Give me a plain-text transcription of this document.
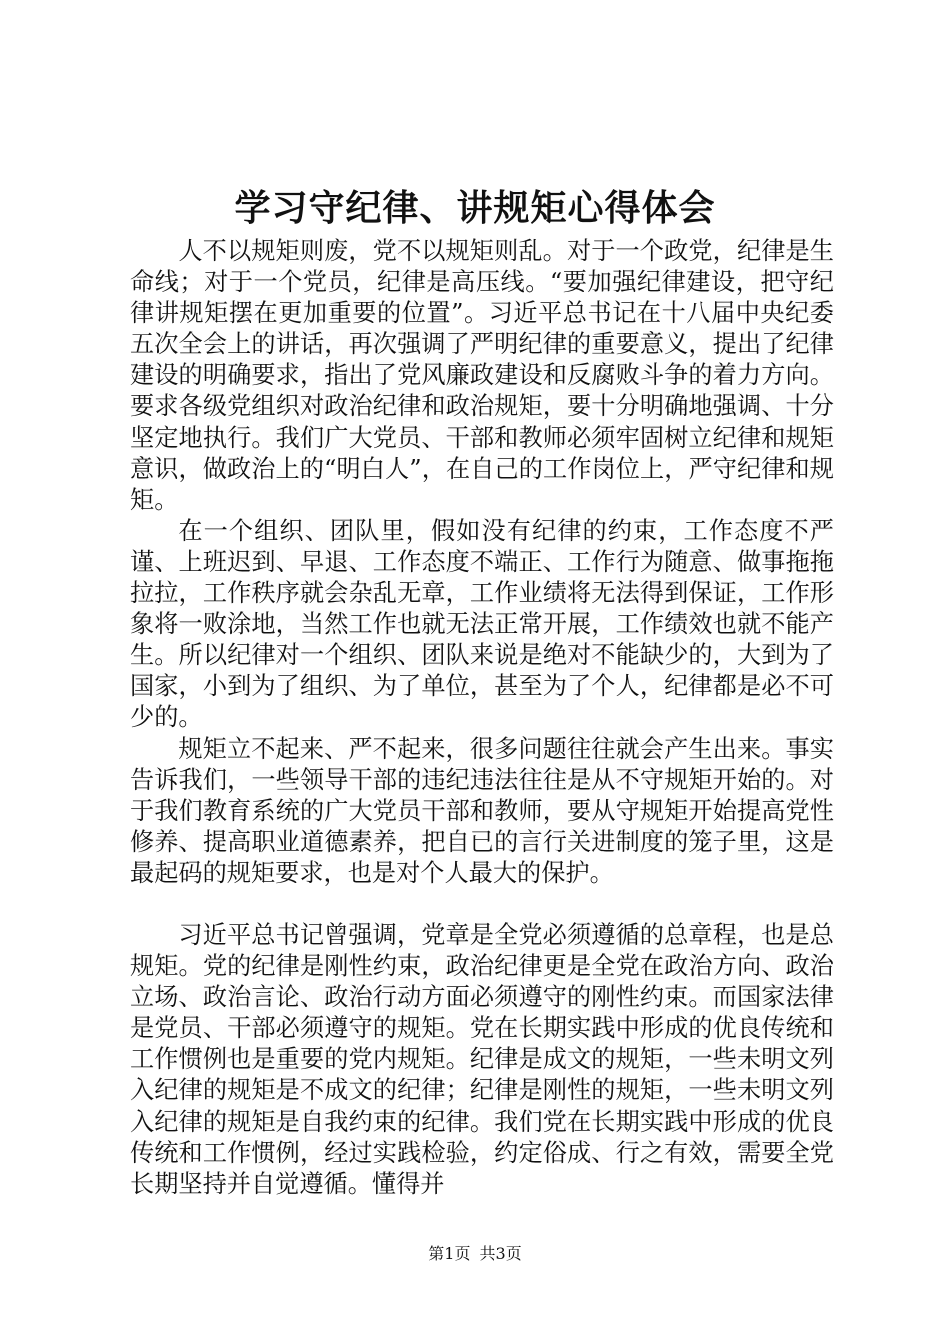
学习守纪律、讲规矩心得体会

人不以规矩则废，党不以规矩则乱。对于一个政党，纪律是生命线；对于一个党员，纪律是高压线。“要加强纪律建设，把守纪律讲规矩摆在更加重要的位置”。习近平总书记在十八届中央纪委五次全会上的讲话，再次强调了严明纪律的重要意义，提出了纪律建设的明确要求，指出了党风廉政建设和反腐败斗争的着力方向。要求各级党组织对政治纪律和政治规矩，要十分明确地强调、十分坚定地执行。我们广大党员、干部和教师必须牢固树立纪律和规矩意识，做政治上的“明白人”，在自己的工作岗位上，严守纪律和规矩。

在一个组织、团队里，假如没有纪律的约束，工作态度不严谨、上班迟到、早退、工作态度不端正、工作行为随意、做事拖拖拉拉，工作秩序就会杂乱无章，工作业绩将无法得到保证，工作形象将一败涂地，当然工作也就无法正常开展，工作绩效也就不能产生。所以纪律对一个组织、团队来说是绝对不能缺少的，大到为了国家，小到为了组织、为了单位，甚至为了个人，纪律都是必不可少的。

规矩立不起来、严不起来，很多问题往往就会产生出来。事实告诉我们，一些领导干部的违纪违法往往是从不守规矩开始的。对于我们教育系统的广大党员干部和教师，要从守规矩开始提高党性修养、提高职业道德素养，把自已的言行关进制度的笼子里，这是最起码的规矩要求，也是对个人最大的保护。

习近平总书记曾强调，党章是全党必须遵循的总章程，也是总规矩。党的纪律是刚性约束，政治纪律更是全党在政治方向、政治立场、政治言论、政治行动方面必须遵守的刚性约束。而国家法律是党员、干部必须遵守的规矩。党在长期实践中形成的优良传统和工作惯例也是重要的党内规矩。纪律是成文的规矩，一些未明文列入纪律的规矩是不成文的纪律；纪律是刚性的规矩，一些未明文列入纪律的规矩是自我约束的纪律。我们党在长期实践中形成的优良传统和工作惯例，经过实践检验，约定俗成、行之有效，需要全党长期坚持并自觉遵循。懂得并

第1页 共3页
